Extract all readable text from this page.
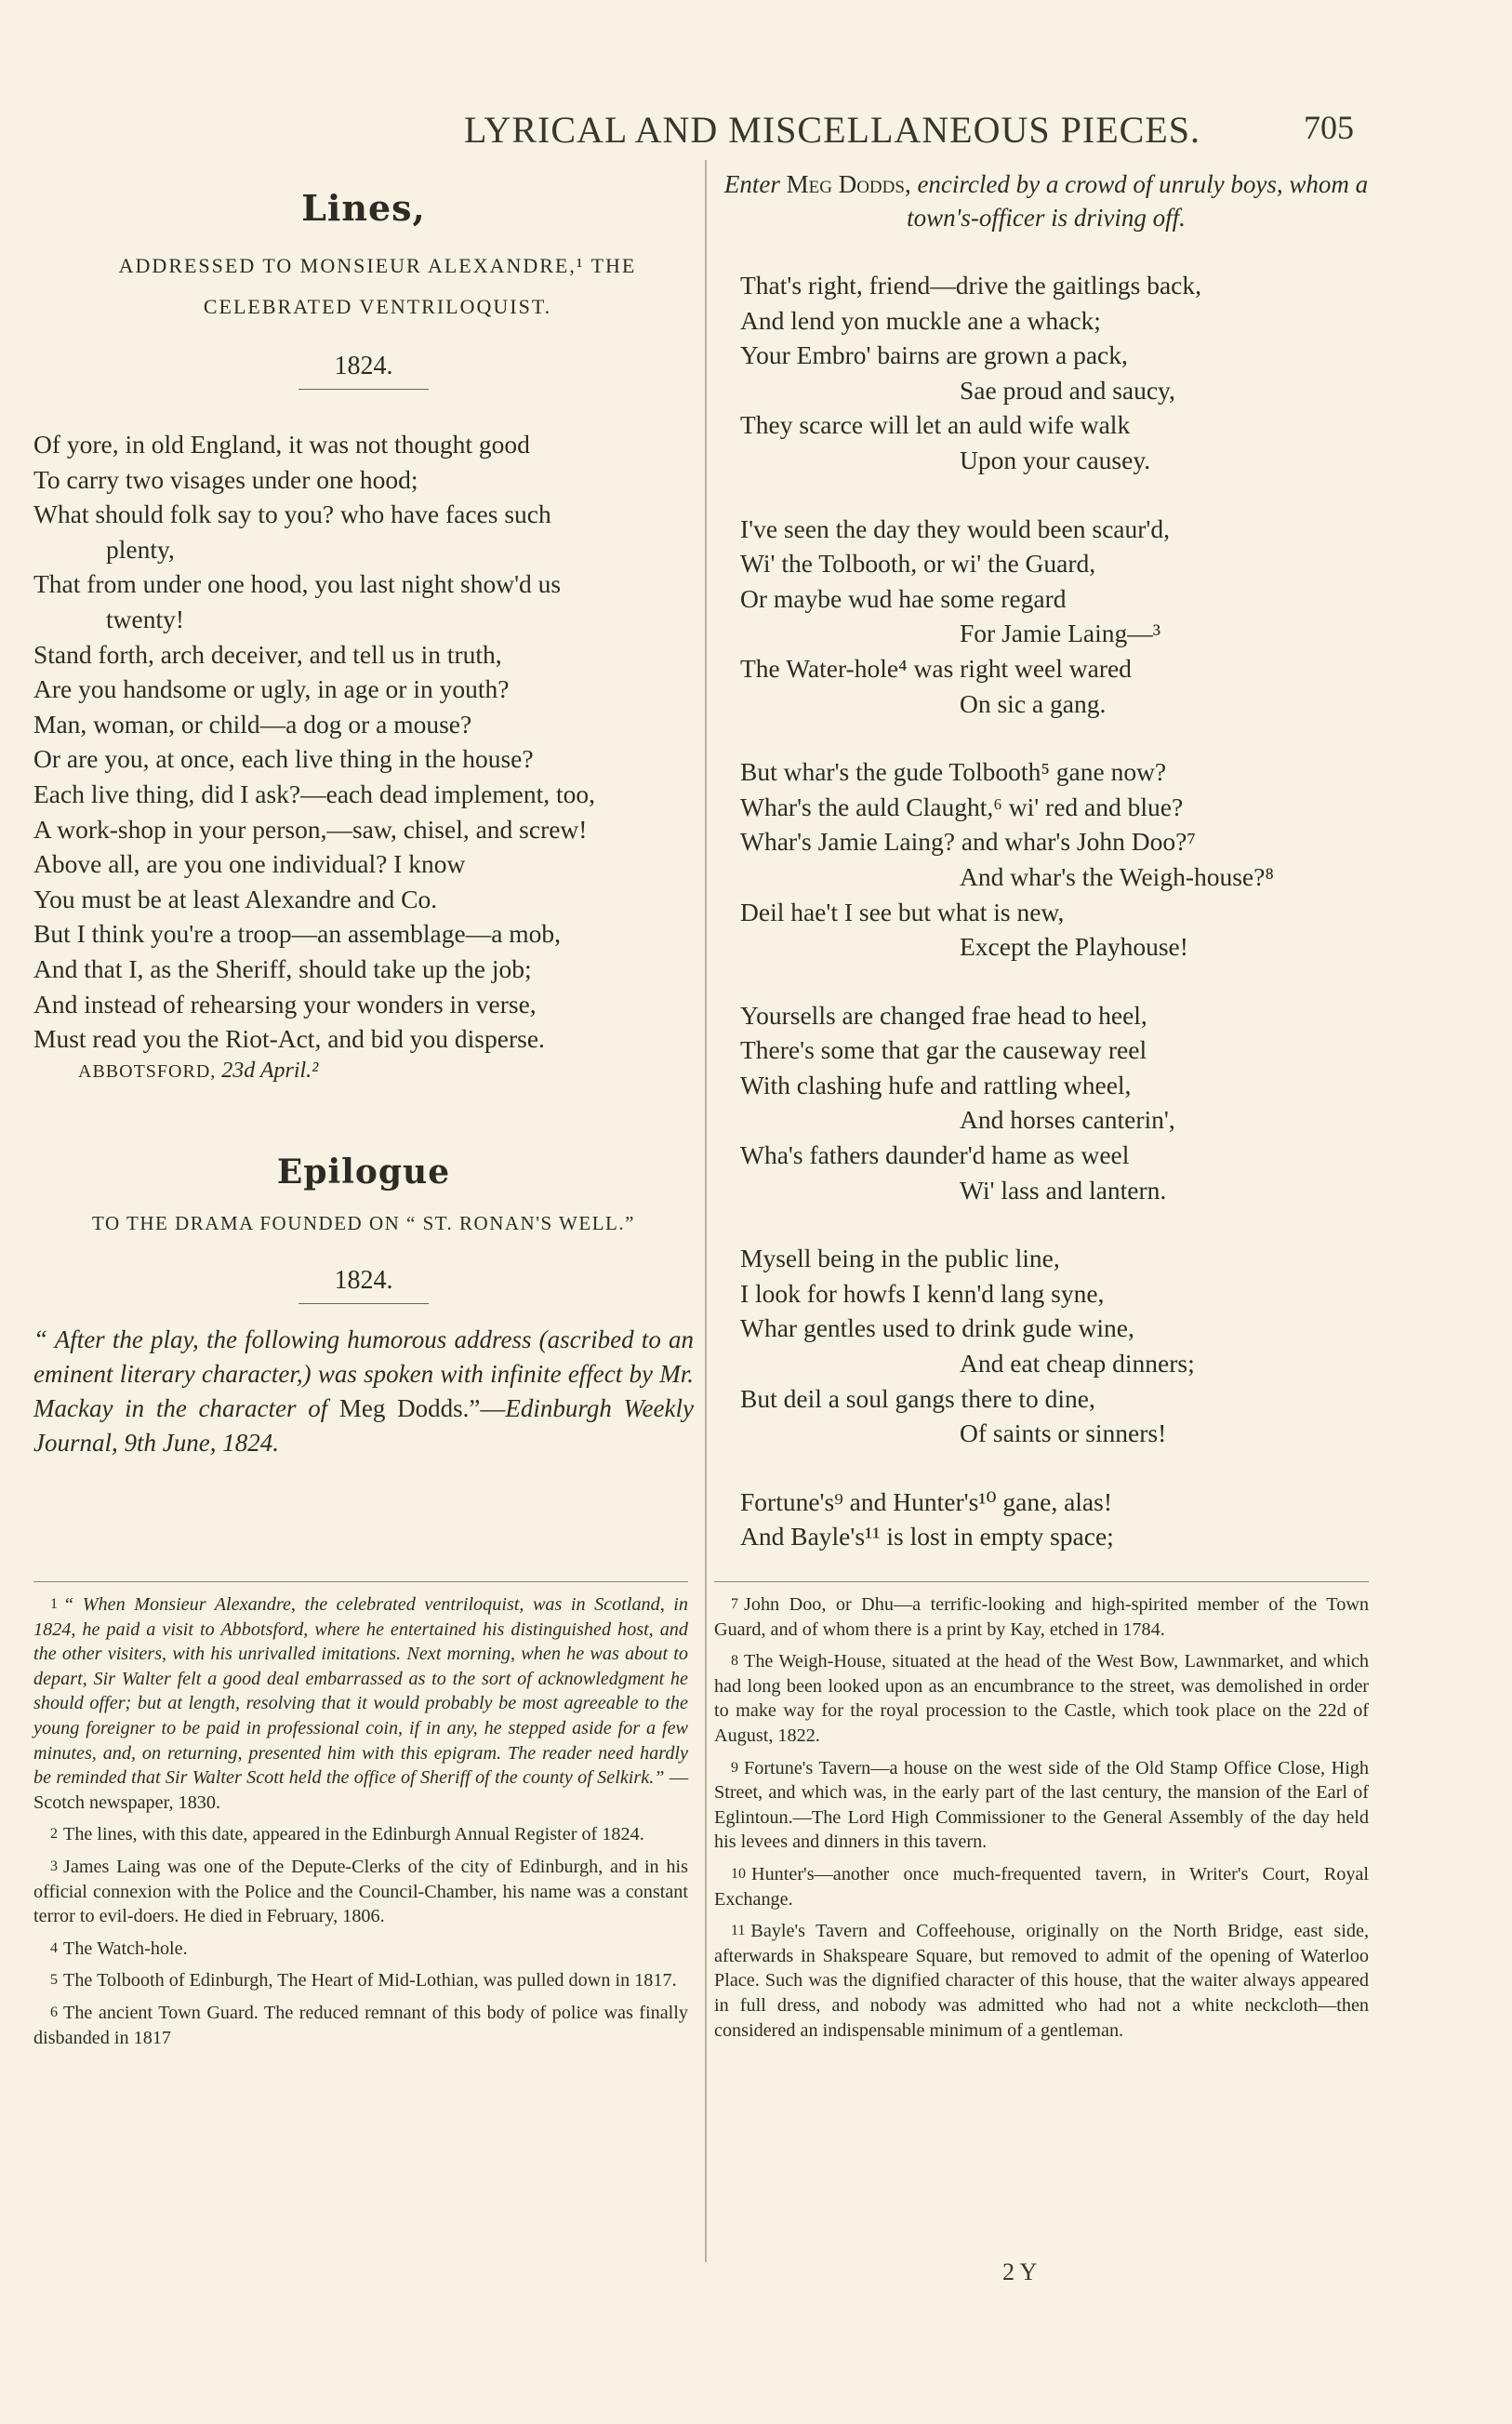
LYRICAL AND MISCELLANEOUS PIECES.	705
Lines,
ADDRESSED TO MONSIEUR ALEXANDRE,¹ THE CELEBRATED VENTRILOQUIST.
1824.
Of yore, in old England, it was not thought good
To carry two visages under one hood;
What should folk say to you? who have faces such
plenty,
That from under one hood, you last night show'd us
twenty!
Stand forth, arch deceiver, and tell us in truth,
Are you handsome or ugly, in age or in youth?
Man, woman, or child—a dog or a mouse?
Or are you, at once, each live thing in the house?
Each live thing, did I ask?—each dead implement, too,
A work-shop in your person,—saw, chisel, and screw!
Above all, are you one individual? I know
You must be at least Alexandre and Co.
But I think you're a troop—an assemblage—a mob,
And that I, as the Sheriff, should take up the job;
And instead of rehearsing your wonders in verse,
Must read you the Riot-Act, and bid you disperse.
ABBOTSFORD, 23d April.²
Epilogue
TO THE DRAMA FOUNDED ON “ ST. RONAN'S WELL.”
1824.
“ After the play, the following humorous address (ascribed to an eminent literary character,) was spoken with infinite effect by Mr. Mackay in the character of Meg Dodds.”—Edinburgh Weekly Journal, 9th June, 1824.
Enter Meg Dodds, encircled by a crowd of unruly boys, whom a town's-officer is driving off.
That's right, friend—drive the gaitlings back,
And lend yon muckle ane a whack;
Your Embro' bairns are grown a pack,
Sae proud and saucy,
They scarce will let an auld wife walk
Upon your causey.
I've seen the day they would been scaur'd,
Wi' the Tolbooth, or wi' the Guard,
Or maybe wud hae some regard
For Jamie Laing—³
The Water-hole⁴ was right weel wared
On sic a gang.
But whar's the gude Tolbooth⁵ gane now?
Whar's the auld Claught,⁶ wi' red and blue?
Whar's Jamie Laing? and whar's John Doo?⁷
And whar's the Weigh-house?⁸
Deil hae't I see but what is new,
Except the Playhouse!
Yoursells are changed frae head to heel,
There's some that gar the causeway reel
With clashing hufe and rattling wheel,
And horses canterin',
Wha's fathers daunder'd hame as weel
Wi' lass and lantern.
Mysell being in the public line,
I look for howfs I kenn'd lang syne,
Whar gentles used to drink gude wine,
And eat cheap dinners;
But deil a soul gangs there to dine,
Of saints or sinners!
Fortune's⁹ and Hunter's¹⁰ gane, alas!
And Bayle's¹¹ is lost in empty space;
1 “ When Monsieur Alexandre, the celebrated ventriloquist, was in Scotland, in 1824, he paid a visit to Abbotsford, where he entertained his distinguished host, and the other visiters, with his unrivalled imitations. Next morning, when he was about to depart, Sir Walter felt a good deal embarrassed as to the sort of acknowledgment he should offer; but at length, resolving that it would probably be most agreeable to the young foreigner to be paid in professional coin, if in any, he stepped aside for a few minutes, and, on returning, presented him with this epigram. The reader need hardly be reminded that Sir Walter Scott held the office of Sheriff of the county of Selkirk.” —Scotch newspaper, 1830.
2 The lines, with this date, appeared in the Edinburgh Annual Register of 1824.
3 James Laing was one of the Depute-Clerks of the city of Edinburgh, and in his official connexion with the Police and the Council-Chamber, his name was a constant terror to evil-doers. He died in February, 1806.
4 The Watch-hole.
5 The Tolbooth of Edinburgh, The Heart of Mid-Lothian, was pulled down in 1817.
6 The ancient Town Guard. The reduced remnant of this body of police was finally disbanded in 1817
7 John Doo, or Dhu—a terrific-looking and high-spirited member of the Town Guard, and of whom there is a print by Kay, etched in 1784.
8 The Weigh-House, situated at the head of the West Bow, Lawnmarket, and which had long been looked upon as an encumbrance to the street, was demolished in order to make way for the royal procession to the Castle, which took place on the 22d of August, 1822.
9 Fortune's Tavern—a house on the west side of the Old Stamp Office Close, High Street, and which was, in the early part of the last century, the mansion of the Earl of Eglintoun.—The Lord High Commissioner to the General Assembly of the day held his levees and dinners in this tavern.
10 Hunter's—another once much-frequented tavern, in Writer's Court, Royal Exchange.
11 Bayle's Tavern and Coffeehouse, originally on the North Bridge, east side, afterwards in Shakspeare Square, but removed to admit of the opening of Waterloo Place. Such was the dignified character of this house, that the waiter always appeared in full dress, and nobody was admitted who had not a white neckcloth—then considered an indispensable minimum of a gentleman.
2 Y
